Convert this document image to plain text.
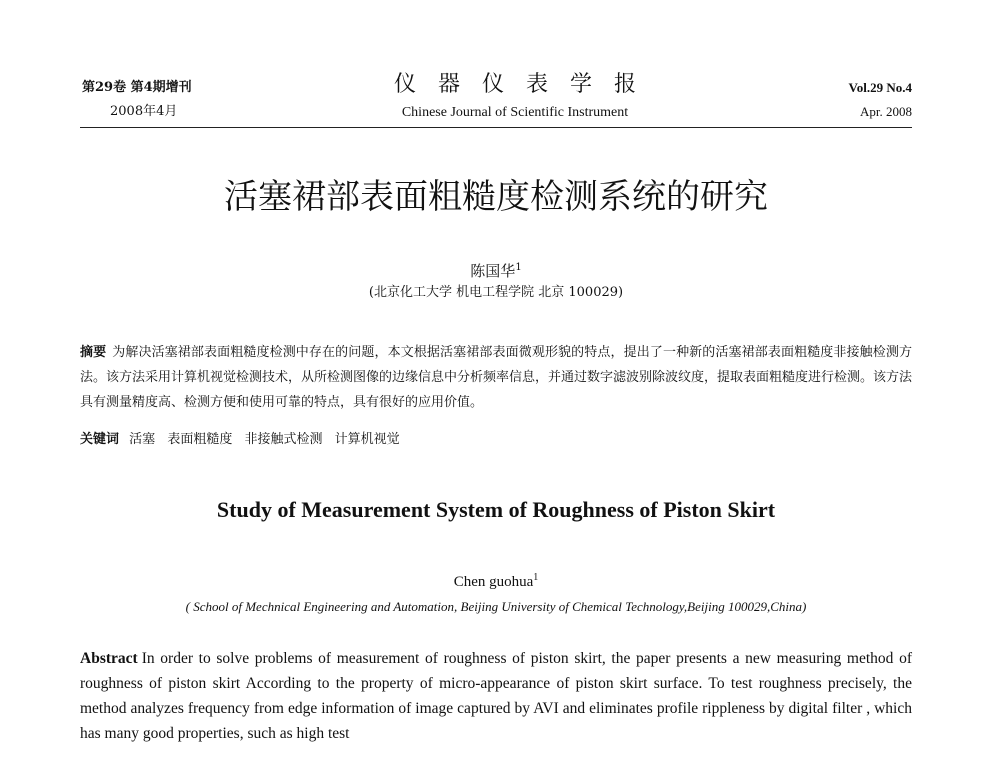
第29卷 第4期增刊
2008年4月
仪器仪表学报
Chinese Journal of Scientific Instrument
Vol.29 No.4
Apr. 2008
活塞裙部表面粗糙度检测系统的研究
陈国华$^1$
(北京化工大学 机电工程学院 北京 100029)
摘要 为解决活塞裙部表面粗糙度检测中存在的问题，本文根据活塞裙部表面微观形貌的特点，提出了一种新的活塞裙部表面粗糙度非接触检测方法。该方法采用计算机视觉检测技术，从所检测图像的边缘信息中分析频率信息，并通过数字滤波别除波纹度，提取表面粗糙度进行检测。该方法具有测量精度高、检测方便和使用可靠的特点，具有很好的应用价值。
关键词 活塞 表面粗糙度 非接触式检测 计算机视觉
Study of Measurement System of Roughness of Piston Skirt
Chen guohua$^1$
( School of Mechnical Engineering and Automation, Beijing University of Chemical Technology,Beijing 100029,China)
Abstract In order to solve problems of measurement of roughness of piston skirt, the paper presents a new measuring method of roughness of piston skirt According to the property of micro-appearance of piston skirt surface. To test roughness precisely, the method analyzes frequency from edge information of image captured by AVI and eliminates profile rippleness by digital filter , which has many good properties, such as high test
